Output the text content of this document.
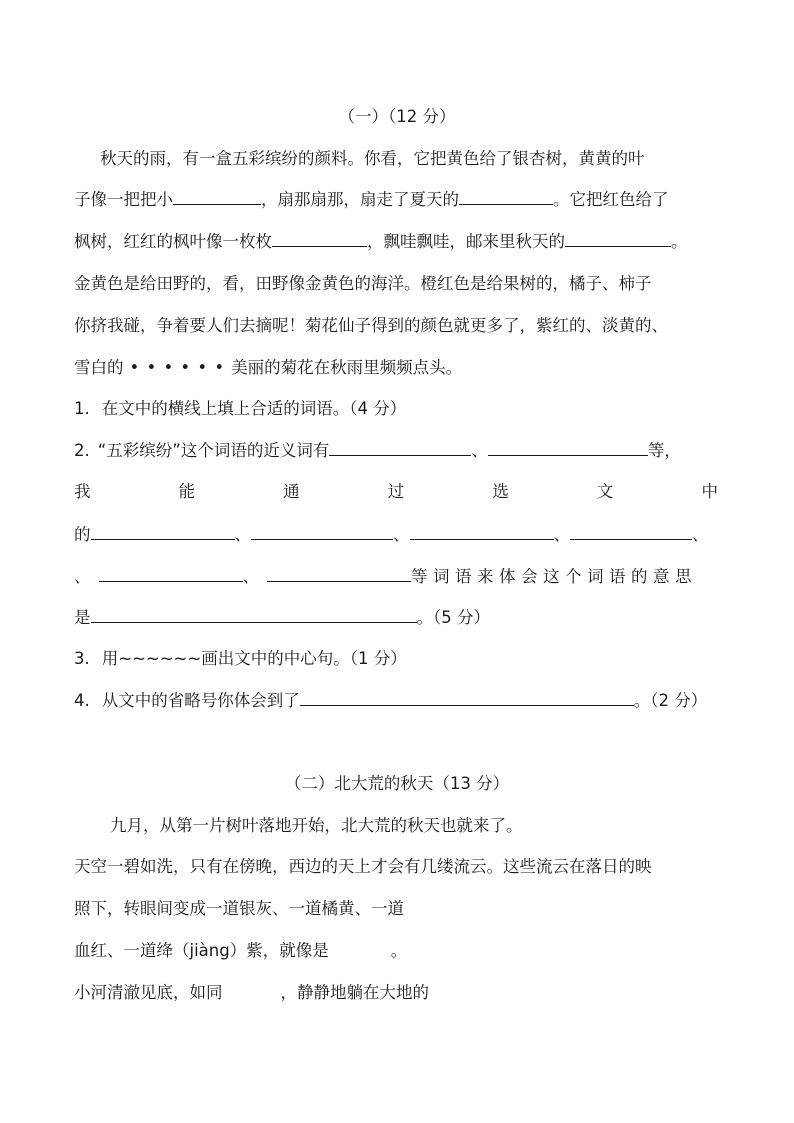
（一）（12 分）
秋天的雨，有一盒五彩缤纷的颜料。你看，它把黄色给了银杏树，黄黄的叶
子像一把把小	，扇那扇那，扇走了夏天的	。它把红色给了
枫树，红红的枫叶像一枚枚	，飘哇飘哇，邮来里秋天的	。
金黄色是给田野的，看，田野像金黄色的海洋。橙红色是给果树的，橘子、柿子
你挤我碰，争着要人们去摘呢！菊花仙子得到的颜色就更多了，紫红的、淡黄的、
雪白的 • • • • • • 美丽的菊花在秋雨里频频点头。
1. 在文中的横线上填上合适的词语。（4 分）
2. “五彩缤纷”这个词语的近义词有	、	等，
我	能	通	过	选	文	中
的	、	、	、	、
、	、	等词语来体会这个词语的意思
是	。（5 分）
3. 用~~~~~~画出文中的中心句。（1 分）
4. 从文中的省略号你体会到了	。（2 分）
（二）北大荒的秋天（13 分）
九月，从第一片树叶落地开始，北大荒的秋天也就来了。
天空一碧如洗，只有在傍晚，西边的天上才会有几缕流云。这些流云在落日的映
照下，转眼间变成一道银灰、一道橘黄、一道
血红、一道绛（jiàng）紫，就像是	。
小河清澈见底，如同	，静静地躺在大地的
